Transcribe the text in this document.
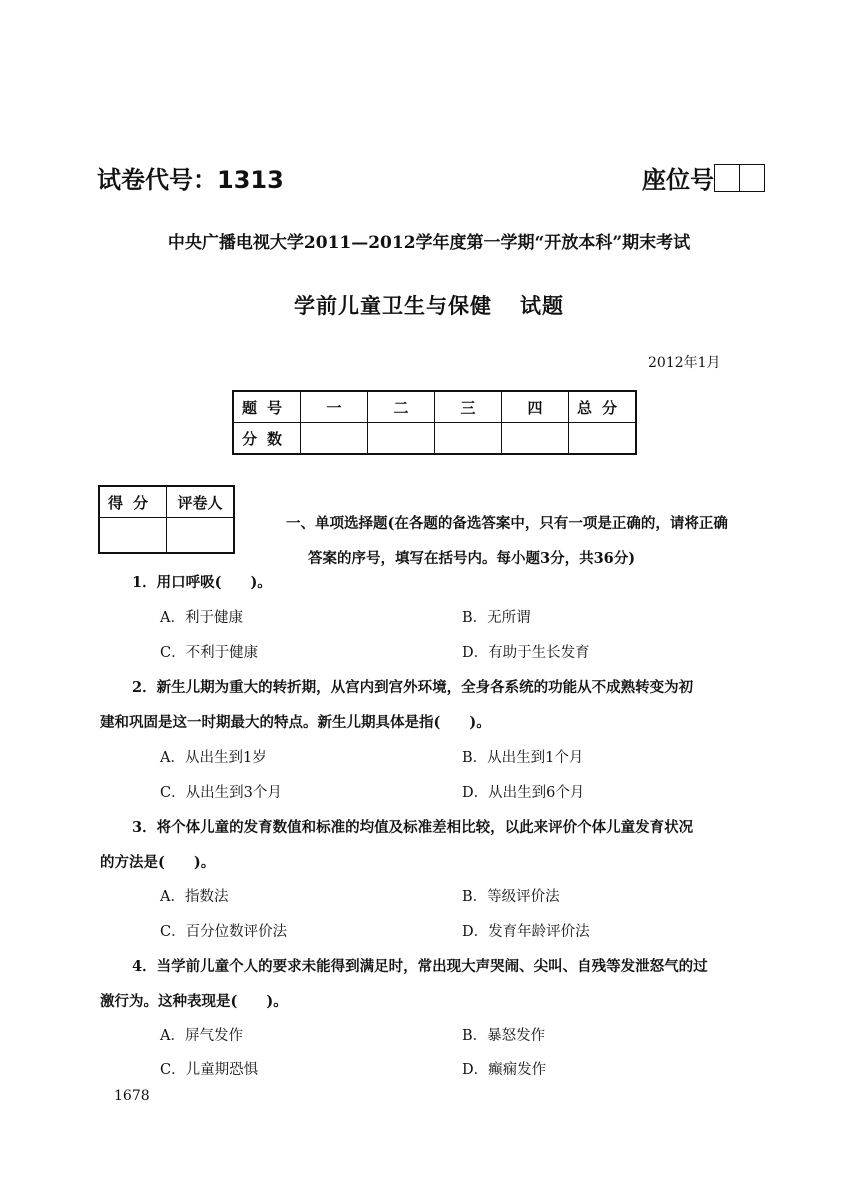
试卷代号：1313	座位号
中央广播电视大学2011—2012学年度第一学期“开放本科”期末考试
学前儿童卫生与保健 试题
2012年1月
题号	一	二	三	四	总分
分数					
得分	评卷人

一、单项选择题(在各题的备选答案中，只有一项是正确的，请将正确
答案的序号，填写在括号内。每小题3分，共36分)
1．用口呼吸(　　)。
A．利于健康	B．无所谓
C．不利于健康	D．有助于生长发育
2．新生儿期为重大的转折期，从宫内到宫外环境，全身各系统的功能从不成熟转变为初
建和巩固是这一时期最大的特点。新生儿期具体是指(　　)。
A．从出生到1岁	B．从出生到1个月
C．从出生到3个月	D．从出生到6个月
3．将个体儿童的发育数值和标准的均值及标准差相比较，以此来评价个体儿童发育状况
的方法是(　　)。
A．指数法	B．等级评价法
C．百分位数评价法	D．发育年龄评价法
4．当学前儿童个人的要求未能得到满足时，常出现大声哭闹、尖叫、自残等发泄怒气的过
激行为。这种表现是(　　)。
A．屏气发作	B．暴怒发作
C．儿童期恐惧	D．癫痫发作
1678
